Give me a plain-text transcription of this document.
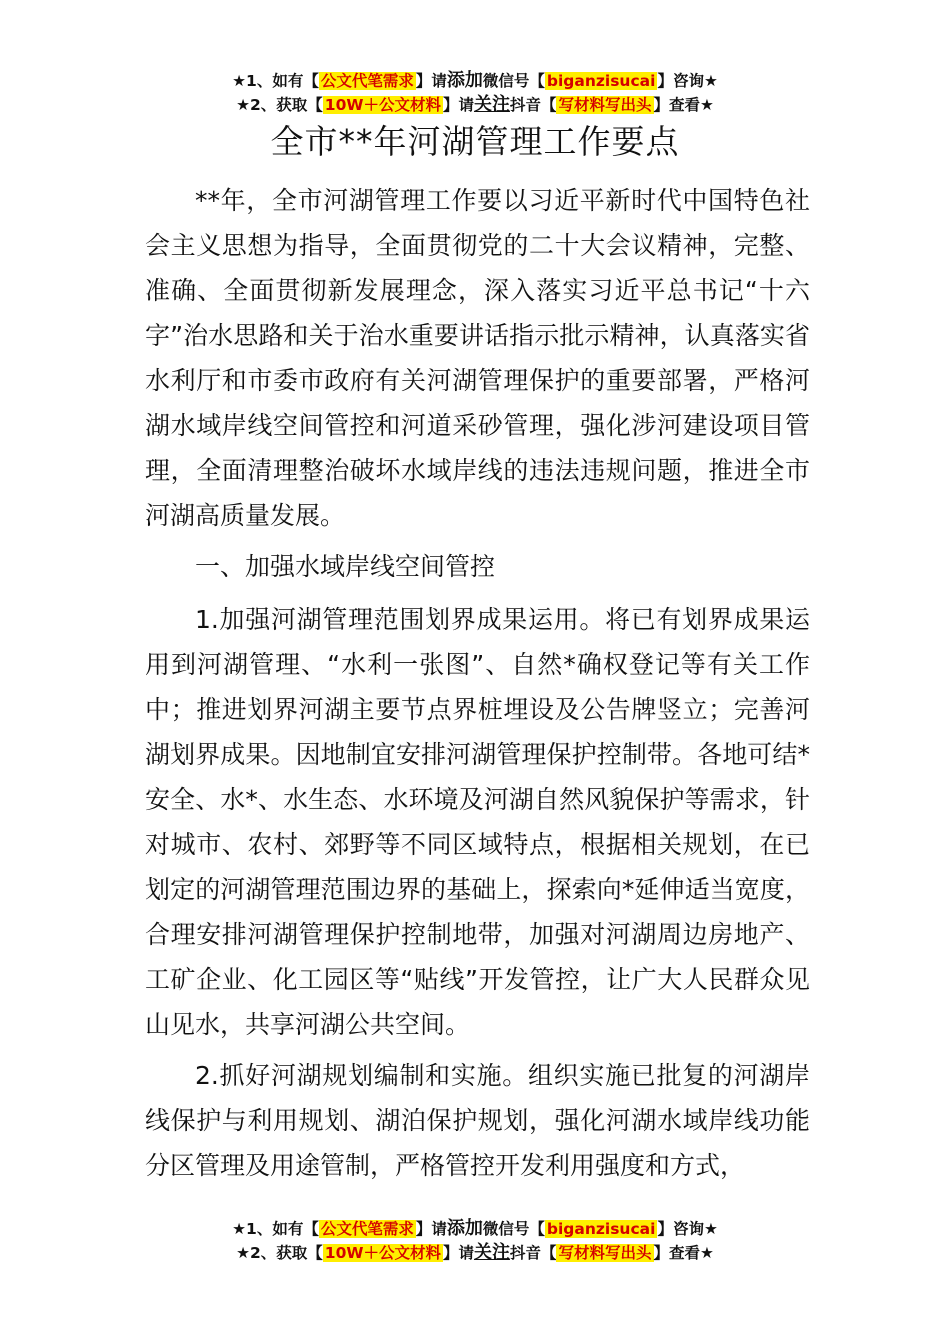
★1、如有【 公文代笔需求 】请添加微信号【 biganzisucai 】咨询★
★2、获取【 10W＋公文材料 】请关注抖音【 写材料写出头 】查看★
全市**年河湖管理工作要点

**年，全市河湖管理工作要以习近平新时代中国特色社会主义思想为指导，全面贯彻党的二十大会议精神，完整、准确、全面贯彻新发展理念，深入落实习近平总书记“十六字”治水思路和关于治水重要讲话指示批示精神，认真落实省水利厅和市委市政府有关河湖管理保护的重要部署，严格河湖水域岸线空间管控和河道采砂管理，强化涉河建设项目管理，全面清理整治破坏水域岸线的违法违规问题，推进全市河湖高质量发展。

一、加强水域岸线空间管控

1.加强河湖管理范围划界成果运用。将已有划界成果运用到河湖管理、“水利一张图”、自然*确权登记等有关工作中；推进划界河湖主要节点界桩埋设及公告牌竖立；完善河湖划界成果。因地制宜安排河湖管理保护控制带。各地可结*安全、水*、水生态、水环境及河湖自然风貌保护等需求，针对城市、农村、郊野等不同区域特点，根据相关规划，在已划定的河湖管理范围边界的基础上，探索向*延伸适当宽度，合理安排河湖管理保护控制地带，加强对河湖周边房地产、工矿企业、化工园区等“贴线”开发管控，让广大人民群众见山见水，共享河湖公共空间。

2.抓好河湖规划编制和实施。组织实施已批复的河湖岸线保护与利用规划、湖泊保护规划，强化河湖水域岸线功能分区管理及用途管制，严格管控开发利用强度和方式，

★1、如有【 公文代笔需求 】请添加微信号【 biganzisucai 】咨询★
★2、获取【 10W＋公文材料 】请关注抖音【 写材料写出头 】查看★
